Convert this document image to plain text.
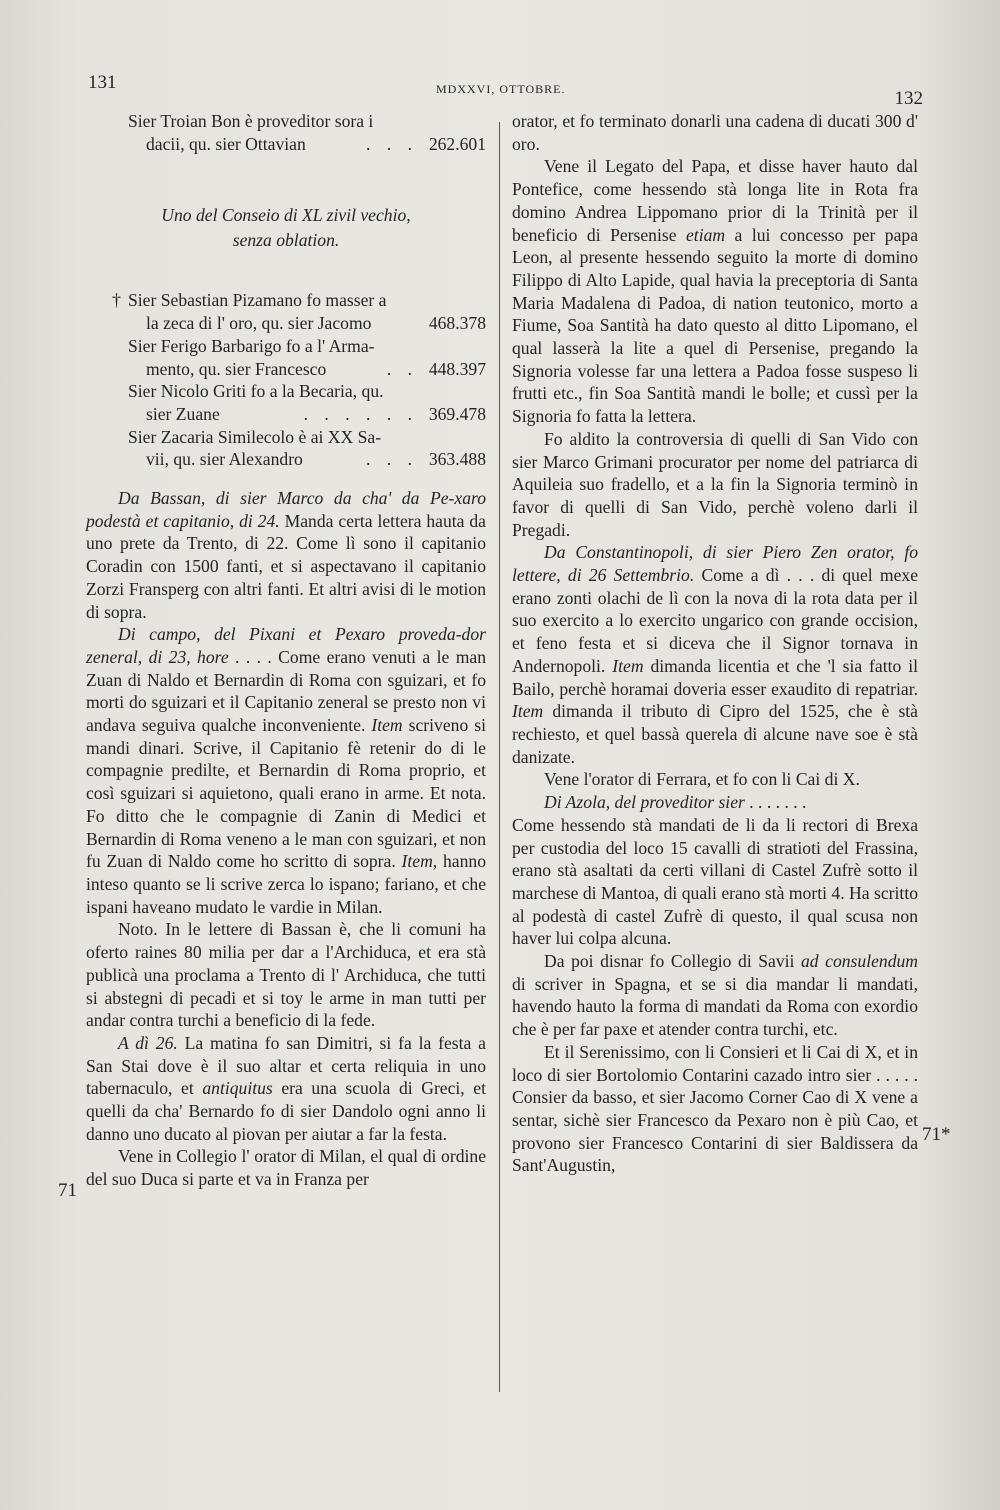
131	MDXXVI, OTTOBRE.	132
71
71*
Sier Troian Bon è proveditor sora i
dacii, qu. sier Ottavian	. . . 262.601

Uno del Conseio di XL zivil vechio,

senza oblation.

† Sier Sebastian Pizamano fo masser a
la zeca di l' oro, qu. sier Jacomo	468.378
Sier Ferigo Barbarigo fo a l' Arma-
mento, qu. sier Francesco	. . 448.397
Sier Nicolo Griti fo a la Becaria, qu.
sier Zuane	. . . . . . 369.478
Sier Zacaria Similecolo è ai XX Sa-
vii, qu. sier Alexandro	. . . 363.488

Da Bassan, di sier Marco da cha' da Pe-xaro podestà et capitanio, di 24. Manda certa lettera hauta da uno prete da Trento, di 22. Come lì sono il capitanio Coradin con 1500 fanti, et si aspectavano il capitanio Zorzi Fransperg con altri fanti. Et altri avisi di le motion di sopra.

Di campo, del Pixani et Pexaro proveda-dor zeneral, di 23, hore . . . . Come erano venuti a le man Zuan di Naldo et Bernardin di Roma con sguizari, et fo morti do sguizari et il Capitanio zeneral se presto non vi andava seguiva qualche inconveniente. Item scriveno si mandi dinari. Scrive, il Capitanio fè retenir do di le compagnie predilte, et Bernardin di Roma proprio, et così sguizari si aquietono, quali erano in arme. Et nota. Fo ditto che le compagnie di Zanin di Medici et Bernardin di Roma veneno a le man con sguizari, et non fu Zuan di Naldo come ho scritto di sopra. Item, hanno inteso quanto se li scrive zerca lo ispano; fariano, et che ispani haveano mudato le vardie in Milan.

Noto. In le lettere di Bassan è, che li comuni ha oferto raines 80 milia per dar a l'Archiduca, et era stà publicà una proclama a Trento di l' Archiduca, che tutti si abstegni di pecadi et si toy le arme in man tutti per andar contra turchi a beneficio di la fede.

A dì 26. La matina fo san Dimitri, si fa la festa a San Stai dove è il suo altar et certa reliquia in uno tabernaculo, et antiquitus era una scuola di Greci, et quelli da cha' Bernardo fo di sier Dandolo ogni anno li danno uno ducato al piovan per aiutar a far la festa.

Vene in Collegio l' orator di Milan, el qual di ordine del suo Duca si parte et va in Franza per

orator, et fo terminato donarli una cadena di ducati 300 d' oro.

Vene il Legato del Papa, et disse haver hauto dal Pontefice, come hessendo stà longa lite in Rota fra domino Andrea Lippomano prior di la Trinità per il beneficio di Persenise etiam a lui concesso per papa Leon, al presente hessendo seguito la morte di domino Filippo di Alto Lapide, qual havia la preceptoria di Santa Maria Madalena di Padoa, di nation teutonico, morto a Fiume, Soa Santità ha dato questo al ditto Lipomano, el qual lasserà la lite a quel di Persenise, pregando la Signoria volesse far una lettera a Padoa fosse suspeso li frutti etc., fin Soa Santità mandi le bolle; et cussì per la Signoria fo fatta la lettera.

Fo aldito la controversia di quelli di San Vido con sier Marco Grimani procurator per nome del patriarca di Aquileia suo fradello, et a la fin la Signoria terminò in favor di quelli di San Vido, perchè voleno darli il Pregadi.

Da Constantinopoli, di sier Piero Zen orator, fo lettere, di 26 Settembrio. Come a dì . . . di quel mexe erano zonti olachi de lì con la nova di la rota data per il suo exercito a lo exercito ungarico con grande occision, et feno festa et si diceva che il Signor tornava in Andernopoli. Item dimanda licentia et che 'l sia fatto il Bailo, perchè horamai doveria esser exaudito di repatriar. Item dimanda il tributo di Cipro del 1525, che è stà rechiesto, et quel bassà querela di alcune nave soe è stà danizate.

Vene l'orator di Ferrara, et fo con li Cai di X.

Di Azola, del proveditor sier . . . . . . .

Come hessendo stà mandati de li da li rectori di Brexa per custodia del loco 15 cavalli di stratioti del Frassina, erano stà asaltati da certi villani di Castel Zufrè sotto il marchese di Mantoa, di quali erano stà morti 4. Ha scritto al podestà di castel Zufrè di questo, il qual scusa non haver lui colpa alcuna.

Da poi disnar fo Collegio di Savii ad consulendum di scriver in Spagna, et se si dia mandar li mandati, havendo hauto la forma di mandati da Roma con exordio che è per far paxe et atender contra turchi, etc.

Et il Serenissimo, con li Consieri et li Cai di X, et in loco di sier Bortolomio Contarini cazado intro sier . . . . . Consier da basso, et sier Jacomo Corner Cao di X vene a sentar, sichè sier Francesco da Pexaro non è più Cao, et provono sier Francesco Contarini di sier Baldissera da Sant'Augustin,
